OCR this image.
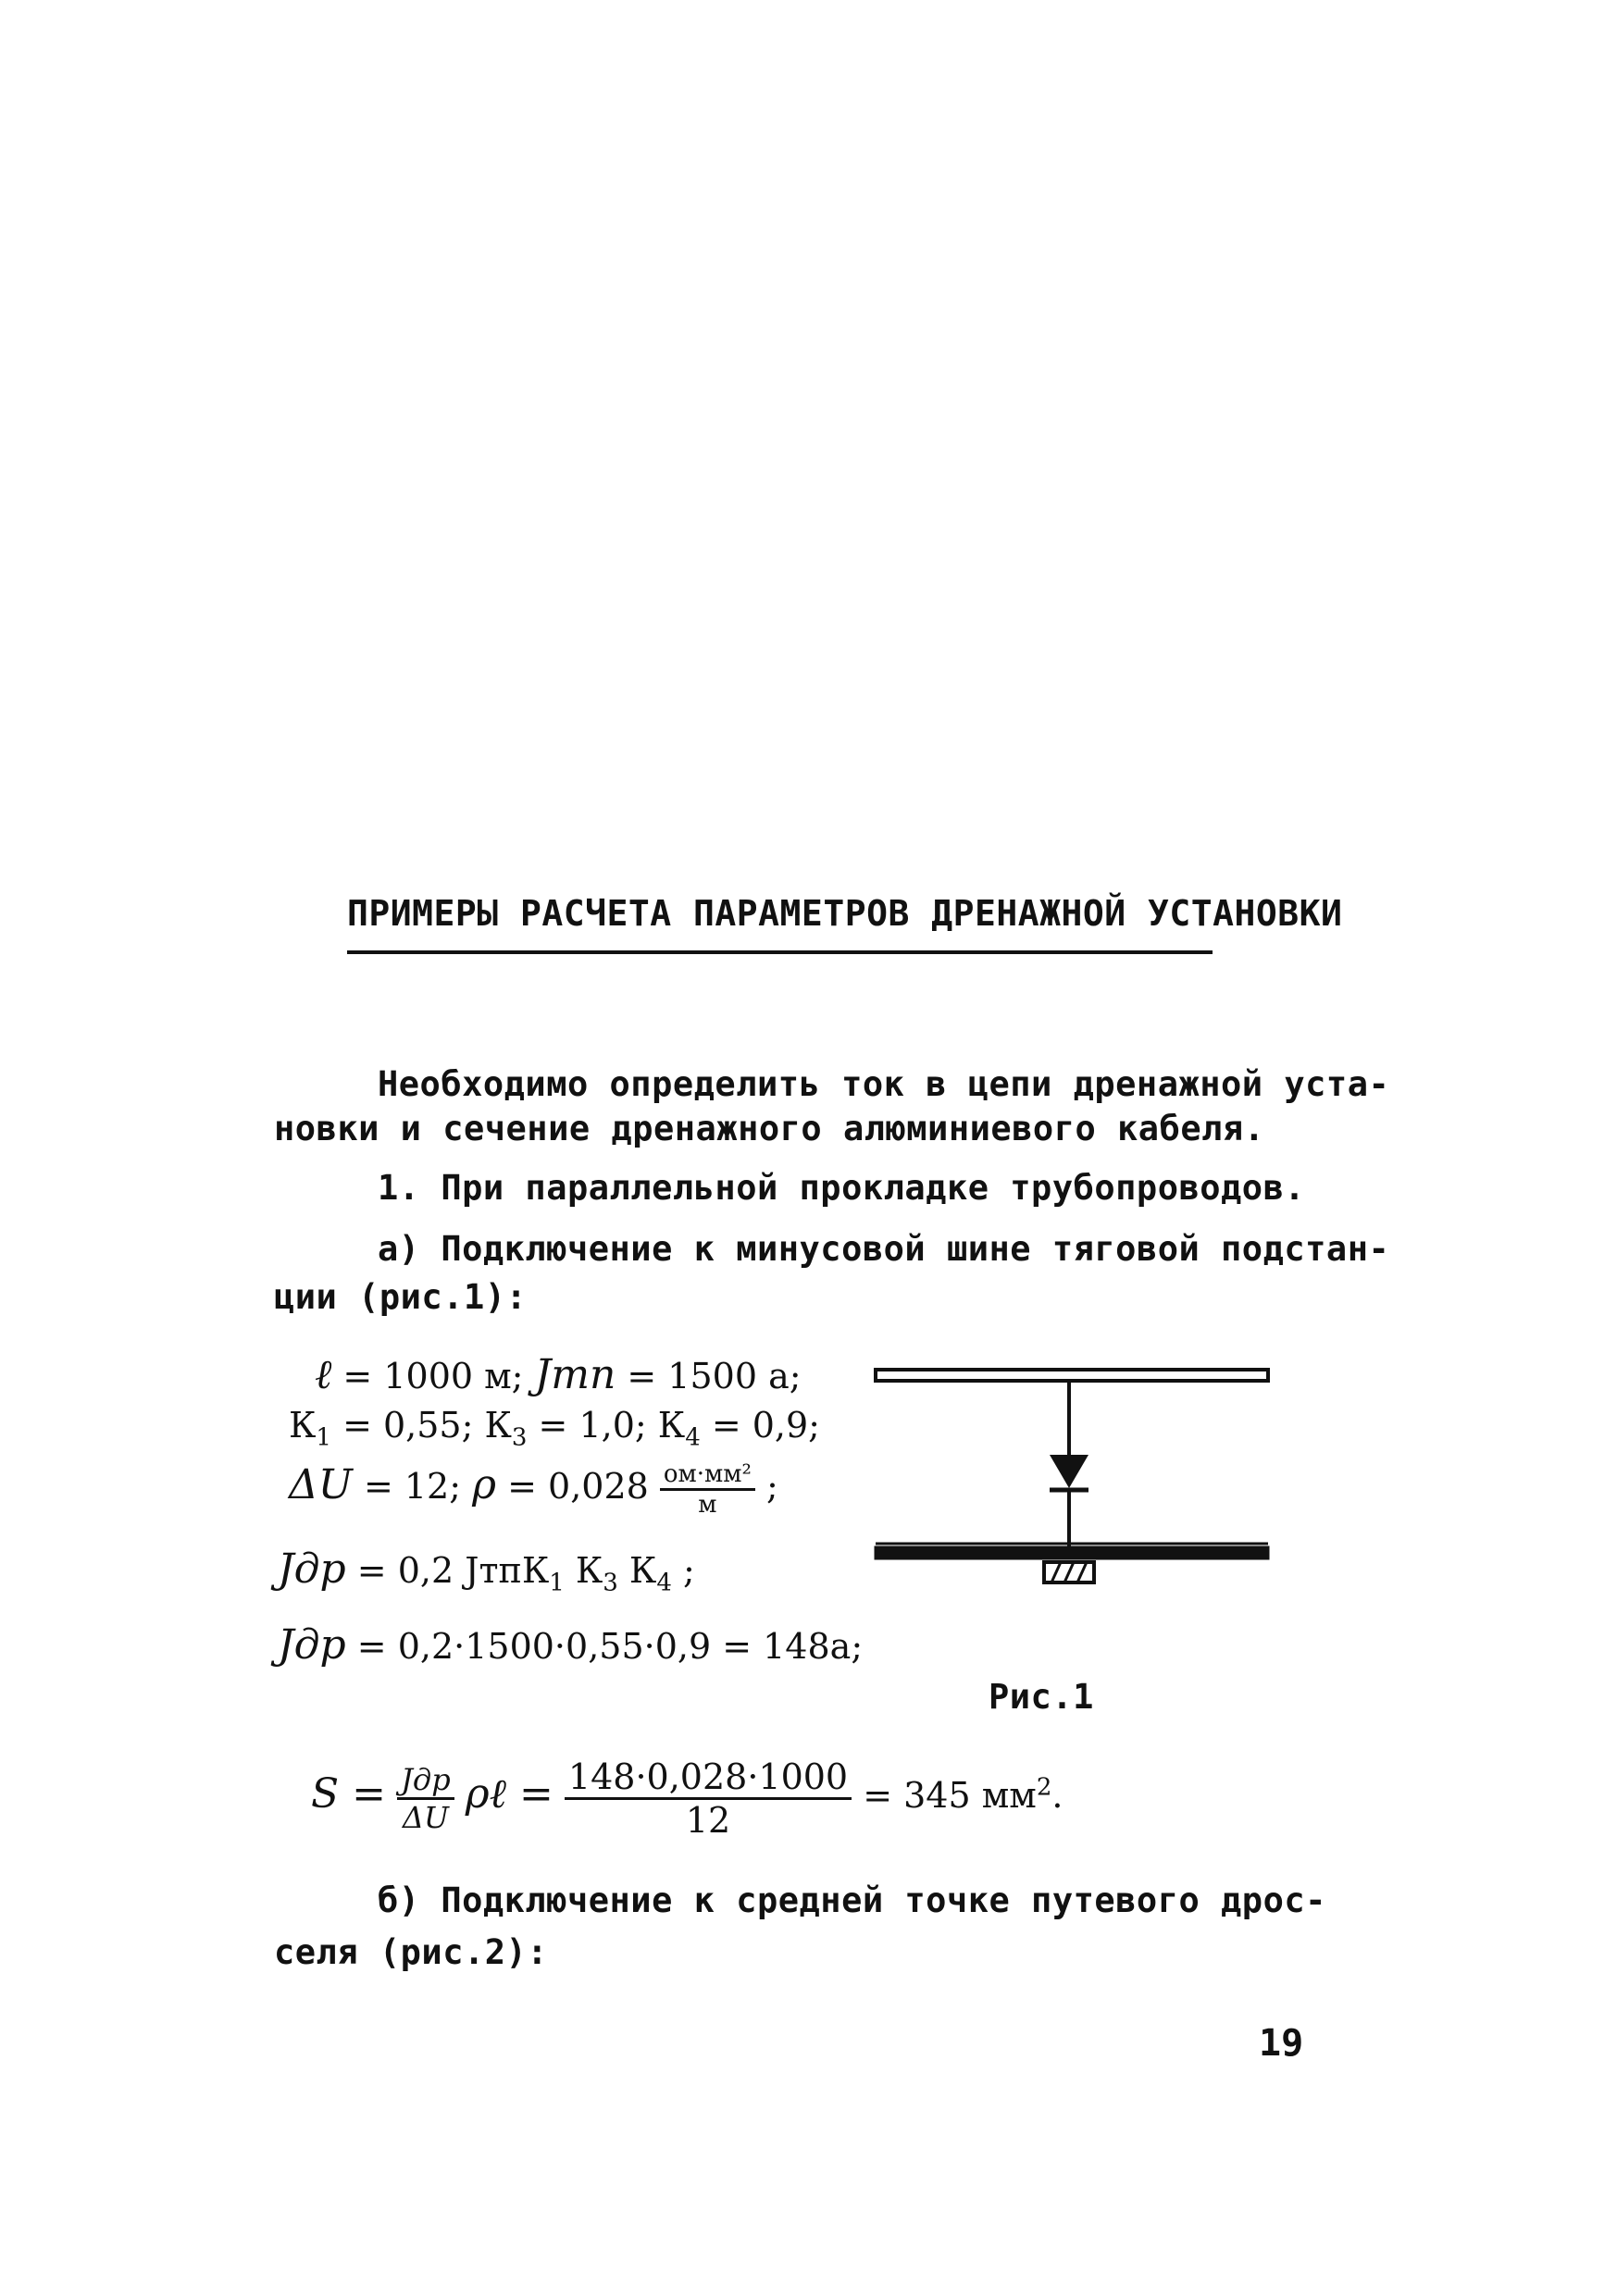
ПРИМЕРЫ РАСЧЕТА ПАРАМЕТРОВ ДРЕНАЖНОЙ УСТАНОВКИ
Необходимо определить ток в цепи дренажной уста-
новки и сечение дренажного алюминиевого кабеля.
1. При параллельной прокладке трубопроводов.
а) Подключение к минусовой шине тяговой подстан-
ции (рис.1):
ℓ = 1000 м; Jтп = 1500 а;
$К_1 = 0,55$; $К_3 = 1,0$; $К_4 = 0,9$;
ΔU = 12; $\rho = 0,028 \frac{\text{ом·мм²}}{м}$ ;
Jдр = 0,2 JтпК$_1$ $К_3$ $К_4$ ;
Jдр = 0,2·1500·0,55·0,9 = 148а;
Рис.1
$S = \frac{\text{Jдр}}{\Delta U}$ ρℓ = $\frac{148\cdot 0,028\cdot 1000}{12} = 345$ $мм^2$.
б) Подключение к средней точке путевого дрос-
селя (рис.2):
19
